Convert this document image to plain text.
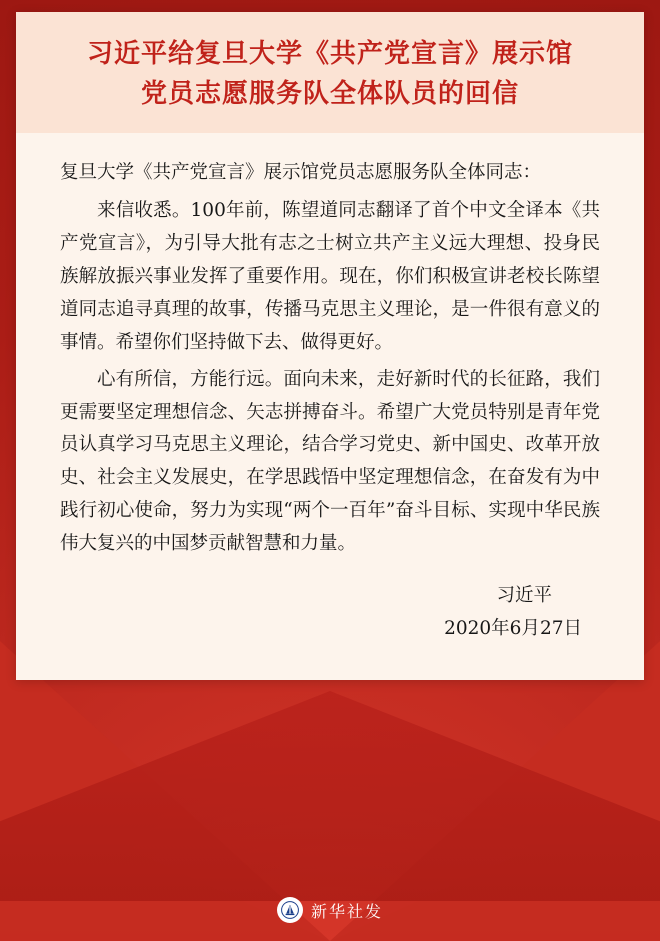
习近平给复旦大学《共产党宣言》展示馆
党员志愿服务队全体队员的回信

复旦大学《共产党宣言》展示馆党员志愿服务队全体同志：

来信收悉。100年前，陈望道同志翻译了首个中文全译本《共产党宣言》，为引导大批有志之士树立共产主义远大理想、投身民族解放振兴事业发挥了重要作用。现在，你们积极宣讲老校长陈望道同志追寻真理的故事，传播马克思主义理论，是一件很有意义的事情。希望你们坚持做下去、做得更好。

心有所信，方能行远。面向未来，走好新时代的长征路，我们更需要坚定理想信念、矢志拼搏奋斗。希望广大党员特别是青年党员认真学习马克思主义理论，结合学习党史、新中国史、改革开放史、社会主义发展史，在学思践悟中坚定理想信念，在奋发有为中践行初心使命，努力为实现“两个一百年”奋斗目标、实现中华民族伟大复兴的中国梦贡献智慧和力量。

习近平
2020年6月27日
新华社发
